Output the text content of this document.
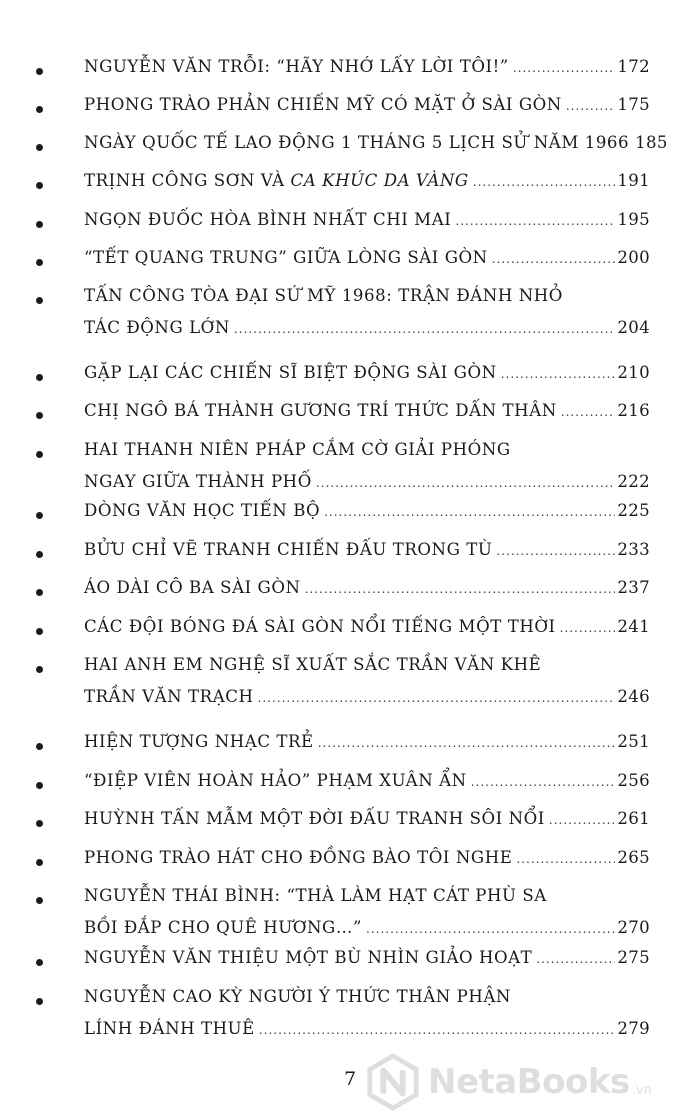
NGUYỄN VĂN TRỖI: “HÃY NHỚ LẤY LỜI TÔI!” .....	172
PHONG TRÀO PHẢN CHIẾN MỸ CÓ MẶT Ở SÀI GÒN .....	175
NGÀY QUỐC TẾ LAO ĐỘNG 1 THÁNG 5 LỊCH SỬ NĂM 1966 185
TRỊNH CÔNG SƠN VÀ
CA KHÚC DA VÀNG .....	191
NGỌN ĐUỐC HÒA BÌNH NHẤT CHI MAI .....	195
“TẾT QUANG TRUNG” GIỮA LÒNG SÀI GÒN .....	200
TẤN CÔNG TÒA ĐẠI SỨ MỸ 1968: TRẬN ĐÁNH NHỎ
TÁC ĐỘNG LỚN .....	204
GẶP LẠI CÁC CHIẾN SĨ BIỆT ĐỘNG SÀI GÒN .....	210
CHỊ NGÔ BÁ THÀNH GƯƠNG TRÍ THỨC DẤN THÂN .....	216
HAI THANH NIÊN PHÁP CẮM CỜ GIẢI PHÓNG
NGAY GIỮA THÀNH PHỐ .....	222
DÒNG VĂN HỌC TIẾN BỘ .....	225
BỬU CHỈ VẼ TRANH CHIẾN ĐẤU TRONG TÙ .....	233
ÁO DÀI CÔ BA SÀI GÒN .....	237
CÁC ĐỘI BÓNG ĐÁ SÀI GÒN NỔI TIẾNG MỘT THỜI .....	241
HAI ANH EM NGHỆ SĨ XUẤT SẮC TRẦN VĂN KHÊ
TRẦN VĂN TRẠCH .....	246
HIỆN TƯỢNG NHẠC TRẺ .....	251
“ĐIỆP VIÊN HOÀN HẢO” PHẠM XUÂN ẨN .....	256
HUỲNH TẤN MẪM MỘT ĐỜI ĐẤU TRANH SÔI NỔI .....	261
PHONG TRÀO HÁT CHO ĐỒNG BÀO TÔI NGHE .....	265
NGUYỄN THÁI BÌNH: “THÀ LÀM HẠT CÁT PHÙ SA
BỒI ĐẮP CHO QUÊ HƯƠNG…” .....	270
NGUYỄN VĂN THIỆU MỘT BÙ NHÌN GIẢO HOẠT .....	275
NGUYỄN CAO KỲ NGƯỜI Ý THỨC THÂN PHẬN
LÍNH ĐÁNH THUÊ .....	279
7	NetaBooks .vn
